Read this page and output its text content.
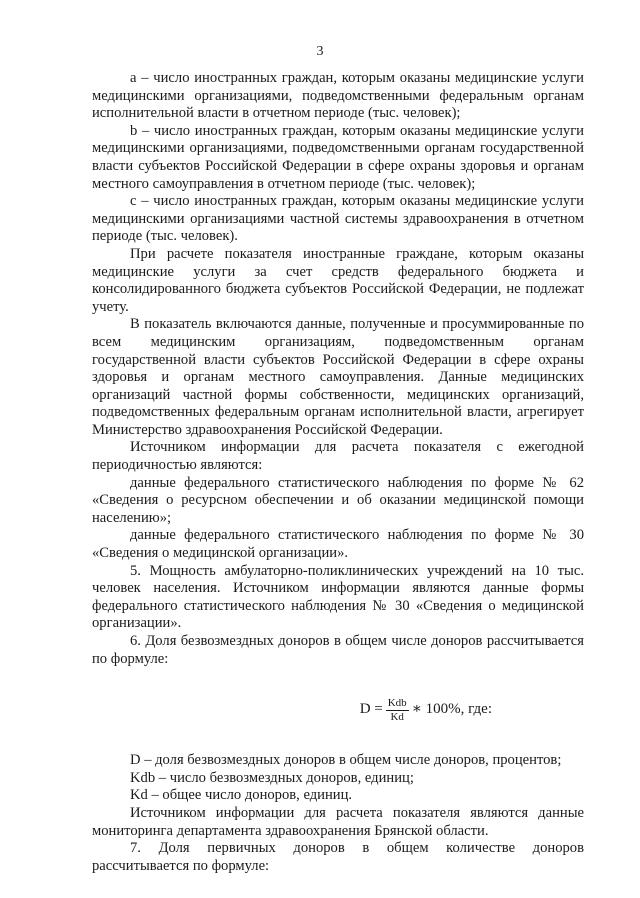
3

а – число иностранных граждан, которым оказаны медицинские услуги медицинскими организациями, подведомственными федеральным органам исполнительной власти в отчетном периоде (тыс. человек);

b – число иностранных граждан, которым оказаны медицинские услуги медицинскими организациями, подведомственными органам государственной власти субъектов Российской Федерации в сфере охраны здоровья и органам местного самоуправления в отчетном периоде (тыс. человек);

c – число иностранных граждан, которым оказаны медицинские услуги медицинскими организациями частной системы здравоохранения в отчетном периоде (тыс. человек).

При расчете показателя иностранные граждане, которым оказаны медицинские услуги за счет средств федерального бюджета и консолидированного бюджета субъектов Российской Федерации, не подлежат учету.

В показатель включаются данные, полученные и просуммированные по всем медицинским организациям, подведомственным органам государственной власти субъектов Российской Федерации в сфере охраны здоровья и органам местного самоуправления. Данные медицинских организаций частной формы собственности, медицинских организаций, подведомственных федеральным органам исполнительной власти, агрегирует Министерство здравоохранения Российской Федерации.

Источником информации для расчета показателя с ежегодной периодичностью являются:

данные федерального статистического наблюдения по форме № 62 «Сведения о ресурсном обеспечении и об оказании медицинской помощи населению»;

данные федерального статистического наблюдения по форме № 30 «Сведения о медицинской организации».

5. Мощность амбулаторно-поликлинических учреждений на 10 тыс. человек населения. Источником информации являются данные формы федерального статистического наблюдения № 30 «Сведения о медицинской организации».

6. Доля безвозмездных доноров в общем числе доноров рассчитывается по формуле:

$D = \frac{\text{Kdb}}{Kd}$ ∗ 100%, где:

D – доля безвозмездных доноров в общем числе доноров, процентов;

Kdb – число безвозмездных доноров, единиц;

Kd – общее число доноров, единиц.

Источником информации для расчета показателя являются данные мониторинга департамента здравоохранения Брянской области.

7. Доля первичных доноров в общем количестве доноров рассчитывается по формуле:
